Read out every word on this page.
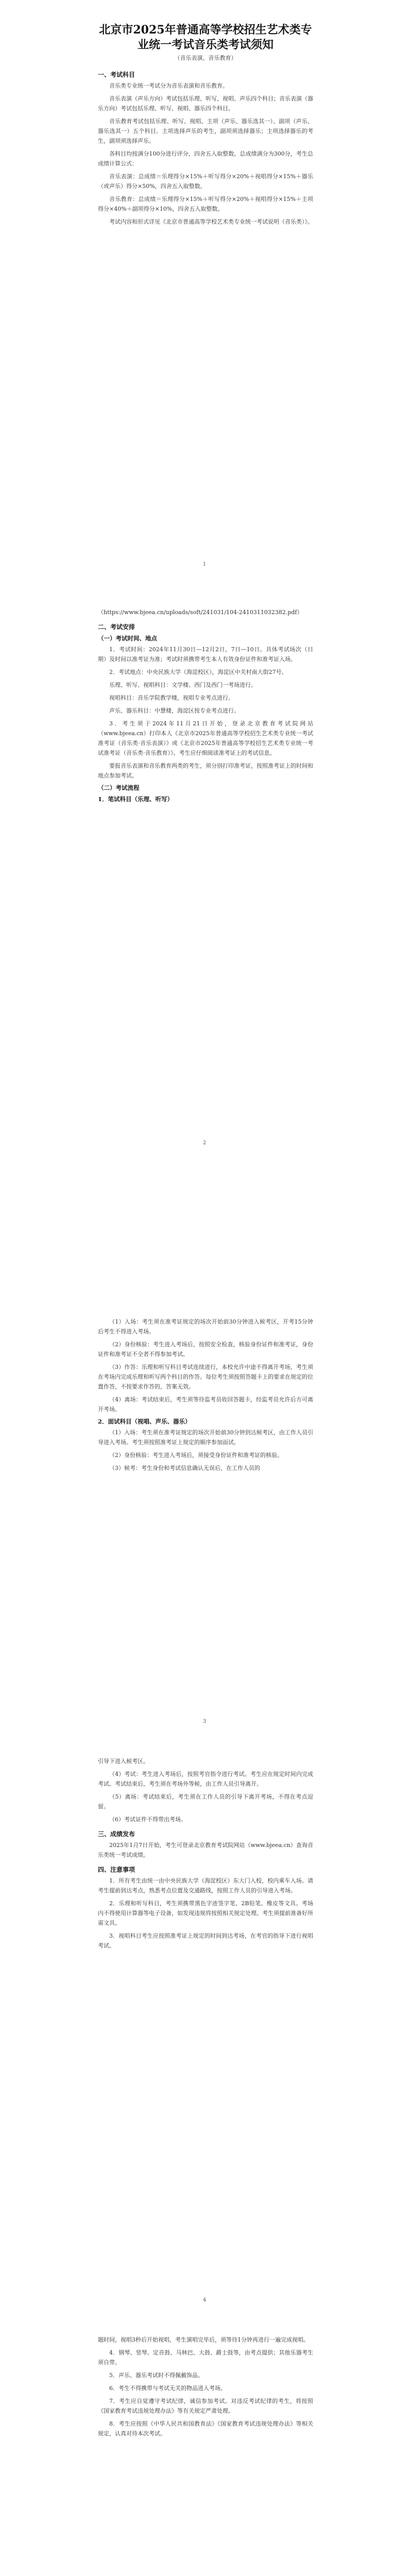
北京市2025年普通高等学校招生艺术类专业统一考试音乐类考试须知
（音乐表演、音乐教育）
一、考试科目

音乐类专业统一考试分为音乐表演和音乐教育。

音乐表演（声乐方向）考试包括乐理、听写、视唱、声乐四个科目；音乐表演（器乐方向）考试包括乐理、听写、视唱、器乐四个科目。

音乐教育考试包括乐理、听写、视唱、主项（声乐、器乐选其一）、副项（声乐、器乐选其一）五个科目。主项选择声乐的考生，副项须选择器乐；主项选择器乐的考生，副项须选择声乐。

各科目均按满分100分进行评分，四舍五入取整数。总成绩满分为300分，考生总成绩计算公式：

音乐表演：总成绩＝乐理得分×15%＋听写得分×20%＋视唱得分×15%＋器乐（或声乐）得分×50%，四舍五入取整数。

音乐教育：总成绩＝乐理得分×15%＋听写得分×20%＋视唱得分×15%＋主项得分×40%＋副项得分×10%，四舍五入取整数。

考试内容和形式详见《北京市普通高等学校艺术类专业统一考试说明（音乐类）》。

1
（https://www.bjeea.cn/uploads/soft/241031/104-2410311032382.pdf）
二、考试安排
（一）考试时间、地点

1．考试时间：2024年11月30日—12月2日，7日—10日。具体考试场次（日期）及时间以准考证为准；考试时须携带考生本人有效身份证件和准考证入场。

2．考试地点：中央民族大学（海淀校区），海淀区中关村南大街27号。

乐理、听写、视唱科目：文学楼、西门及西门一考场进行。

视唱科目：音乐学院教学楼，视唱专业考点进行。

声乐、器乐科目：中慧楼，海淀区按专业考点进行。

3．考生须于2024年11月21日开始，登录北京教育考试院网站（www.bjeea.cn）打印本人《北京市2025年普通高等学校招生艺术类专业统一考试准考证（音乐类·音乐表演）》或《北京市2025年普通高等学校招生艺术类专业统一考试准考证（音乐类·音乐教育）》。考生应仔细阅读准考证上的考试信息。

要报音乐表演和音乐教育两类的考生，须分别打印准考证，按照准考证上的时间和地点参加考试。

（二）考试流程
1．笔试科目（乐理、听写）
2

（1）入场：考生须在准考证规定的场次开始前30分钟进入候考区，开考15分钟后考生不得进入考场。

（2）身份核验：考生进入考场后，按照安全检查，核验身份证件和准考证，身份证件和准考证不全者不得参加考试。

（3）作答：乐理和听写科目考试连续进行，本校允许中途不得离开考场，考生须在考场内完成乐理和听写两个科目的作答。每位考生须按照答题卡上的要求在规定的位置作答，不按要求作答的，答案无效。

（4）离场：考试结束后，考生须等待监考员收回答题卡，经监考员允许后方可离开考场。

2．面试科目（视唱、声乐、器乐）

（1）入场：考生须在准考证规定的场次开始前30分钟到达候考区，由工作人员引导进入考场。考生须按照准考证上规定的顺序参加面试。

（2）身份核验：考生进入考场后，须接受身份证件和准考证的核验。

（3）候考：考生身份和考试信息确认无误后，在工作人员的

3

引导下进入候考区。

（4）考试：考生进入考场后，按照考官指令进行考试。考生应在规定时间内完成考试。考试结束后，考生须在考场外等候，由工作人员引导离开。

（5）离场：考试结束后，考生须在工作人员的引导下离开考场，不得在考点逗留。

（6）考试证件不得带出考场。

三、成绩发布

2025年1月7日开始，考生可登录北京教育考试院网站（www.bjeea.cn）查询音乐类统一考试成绩。

四、注意事项

1．所有考生由统一由中央民族大学（海淀校区）东大门入校，校内乘车入场。请考生提前到达考点，熟悉考点位置及交通路线，按照工作人员的引导进入考场。

2．乐理和听写科目，考生须携带黑色字迹签字笔、2B铅笔、橡皮等文具。考场内不得使用计算器等电子设备，如发现违规将按照相关规定处理。考生须提前准备好所需文具。

3．视唱科目考生应按照准考证上规定的时间到达考场，在考官的指导下进行视唱考试。

4

题时间，视唱3秒后开始视唱，考生演唱完毕后，须等待1分钟再进行一遍完成视唱。

4．钢琴、竖琴、定音鼓、马林巴、大鼓、爵士鼓等，由考点提供；其他乐器考生须自带。

5．声乐、器乐考试时不得佩戴饰品。

6．考生不得携带与考试无关的物品进入考场。

7．考生应自觉遵守考试纪律，诚信参加考试。对违反考试纪律的考生，将按照《国家教育考试违规处理办法》等有关规定严肃处理。

8．考生应按照《中华人民共和国教育法》《国家教育考试违规处理办法》等相关规定，认真对待本次考试。
